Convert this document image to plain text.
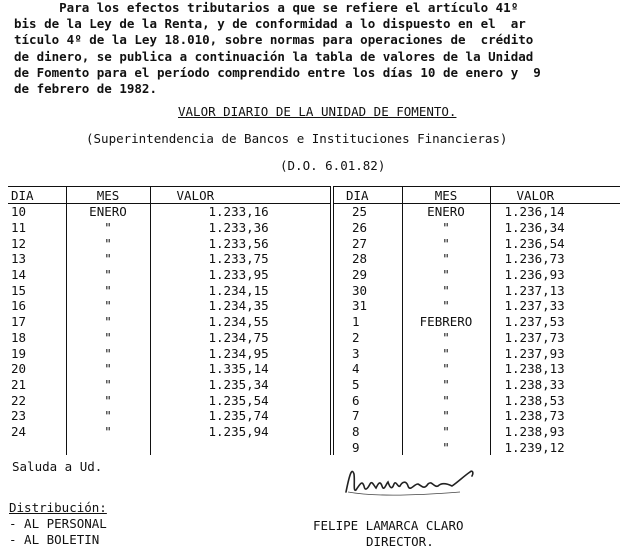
Para los efectos tributarios a que se refiere el artículo 41º
bis de la Ley de la Renta, y de conformidad a lo dispuesto en el  ar
tículo 4º de la Ley 18.010, sobre normas para operaciones de  crédito
de dinero, se publica a continuación la tabla de valores de la Unidad
de Fomento para el período comprendido entre los días 10 de enero y  9
de febrero de 1982.
VALOR DIARIO DE LA UNIDAD DE FOMENTO.
(Superintendencia de Bancos e Instituciones Financieras)
(D.O. 6.01.82)
DIA	MES	VALOR	DIA	MES	VALOR
10	ENERO	1.233,16	25	ENERO	1.236,14
11	"	1.233,36	26	"	1.236,34
12	"	1.233,56	27	"	1.236,54
13	"	1.233,75	28	"	1.236,73
14	"	1.233,95	29	"	1.236,93
15	"	1.234,15	30	"	1.237,13
16	"	1.234,35	31	"	1.237,33
17	"	1.234,55	1	FEBRERO	1.237,53
18	"	1.234,75	2	"	1.237,73
19	"	1.234,95	3	"	1.237,93
20	"	1.335,14	4	"	1.238,13
21	"	1.235,34	5	"	1.238,33
22	"	1.235,54	6	"	1.238,53
23	"	1.235,74	7	"	1.238,73
24	"	1.235,94	8	"	1.238,93
			9	"	1.239,12
Saluda a Ud.
Distribución:
- AL PERSONAL
- AL BOLETIN
FELIPE LAMARCA CLARO
DIRECTOR.
